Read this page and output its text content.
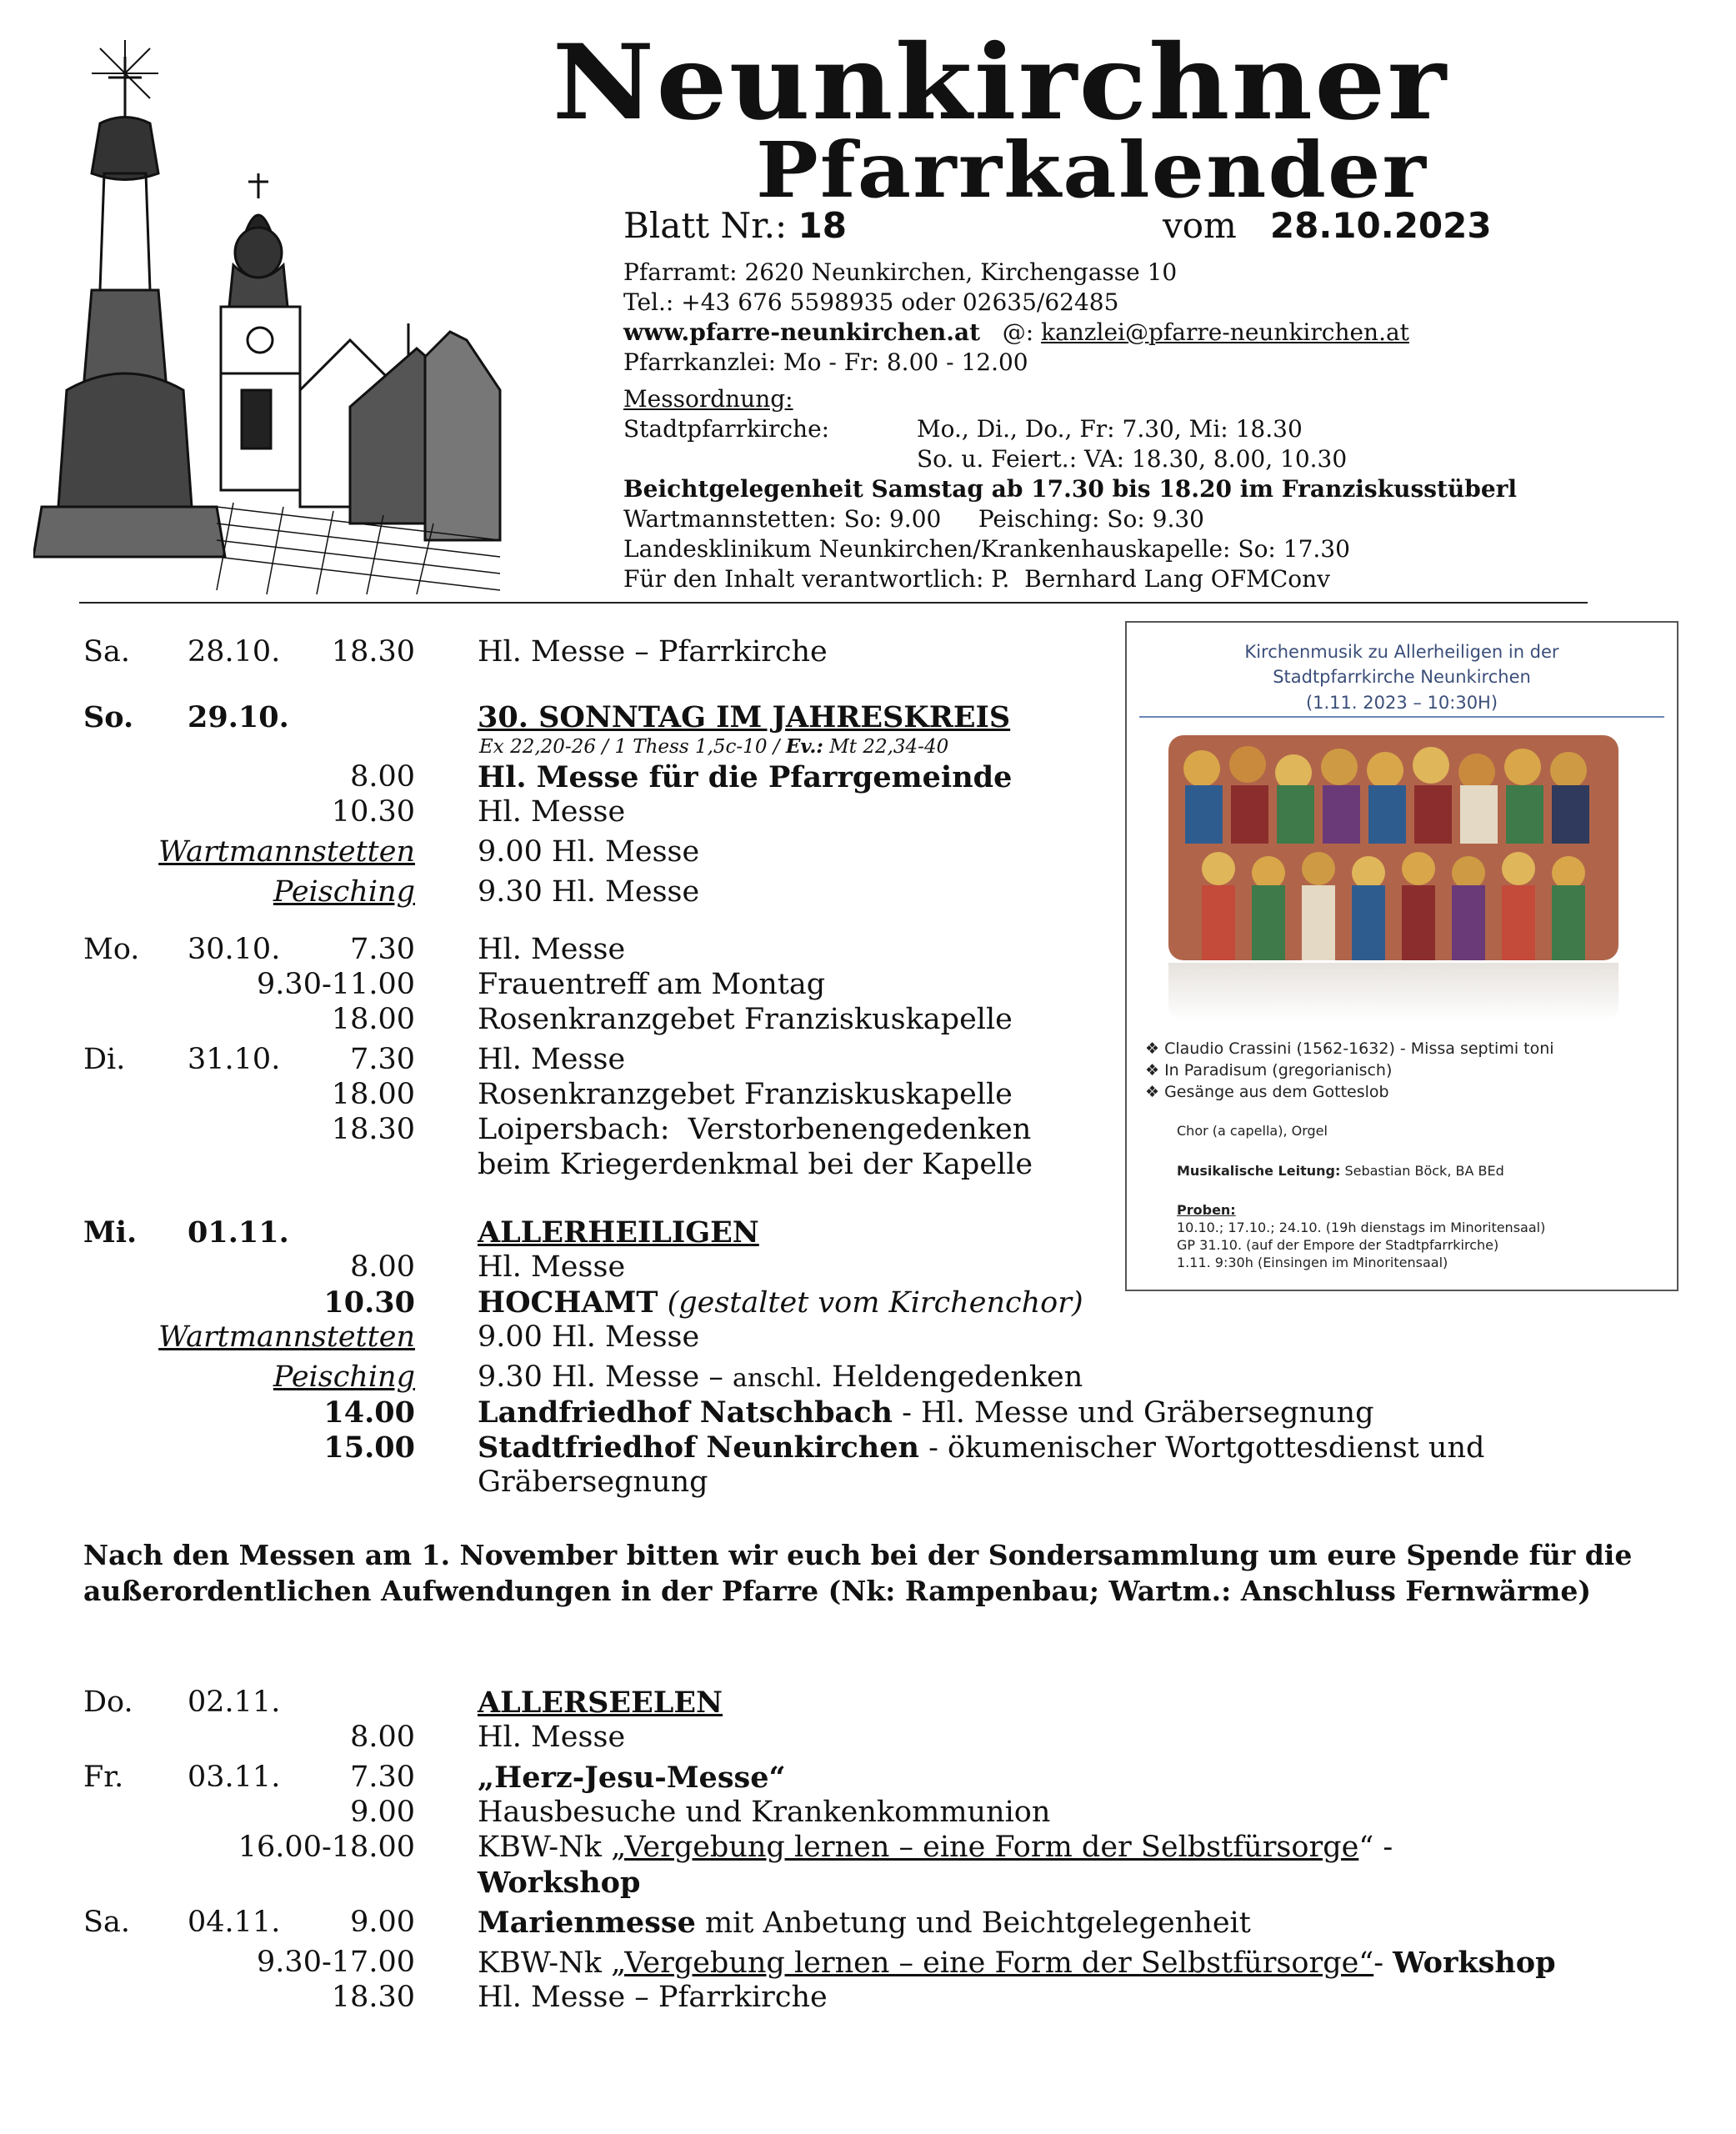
Neunkirchner
Pfarrkalender
Blatt Nr.: 18	vom 28.10.2023
Pfarramt: 2620 Neunkirchen, Kirchengasse 10
Tel.: +43 676 5598935 oder 02635/62485
www.pfarre-neunkirchen.at @: kanzlei@pfarre-neunkirchen.at
Pfarrkanzlei: Mo - Fr: 8.00 - 12.00
Messordnung:
Stadtpfarrkirche:	Mo., Di., Do., Fr: 7.30, Mi: 18.30
So. u. Feiert.: VA: 18.30, 8.00, 10.30
Beichtgelegenheit Samstag ab 17.30 bis 18.20 im Franziskusstüberl
Wartmannstetten: So: 9.00     Peisching: So: 9.30
Landesklinikum Neunkirchen/Krankenhauskapelle: So: 17.30
Für den Inhalt verantwortlich: P.  Bernhard Lang OFMConv
Sa. 28.10. 18.30 Hl. Messe – Pfarrkirche
So. 29.10.	30. SONNTAG IM JAHRESKREIS
Ex 22,20-26 / 1 Thess 1,5c-10 / Ev.: Mt 22,34-40
8.00 Hl. Messe für die Pfarrgemeinde
10.30 Hl. Messe
Wartmannstetten 9.00 Hl. Messe
Peisching 9.30 Hl. Messe
Mo. 30.10. 7.30 Hl. Messe
9.30-11.00 Frauentreff am Montag
18.00 Rosenkranzgebet Franziskuskapelle
Di. 31.10. 7.30 Hl. Messe
18.00 Rosenkranzgebet Franziskuskapelle
18.30 Loipersbach:  Verstorbenengedenken
beim Kriegerdenkmal bei der Kapelle
Mi. 01.11.	ALLERHEILIGEN
8.00 Hl. Messe
10.30 HOCHAMT (gestaltet vom Kirchenchor)
Wartmannstetten 9.00 Hl. Messe
Peisching 9.30 Hl. Messe – anschl. Heldengedenken
14.00 Landfriedhof Natschbach - Hl. Messe und Gräbersegnung
15.00 Stadtfriedhof Neunkirchen - ökumenischer Wortgottesdienst und
Gräbersegnung
Nach den Messen am 1. November bitten wir euch bei der Sondersammlung um eure Spende für die außerordentlichen Aufwendungen in der Pfarre (Nk: Rampenbau; Wartm.: Anschluss Fernwärme)
Do. 02.11.	ALLERSEELEN
8.00 Hl. Messe
Fr. 03.11. 7.30 „Herz-Jesu-Messe“
9.00 Hausbesuche und Krankenkommunion
16.00-18.00 KBW-Nk „Vergebung lernen – eine Form der Selbstfürsorge“ -
Workshop
Sa. 04.11. 9.00 Marienmesse mit Anbetung und Beichtgelegenheit
9.30-17.00 KBW-Nk „Vergebung lernen – eine Form der Selbstfürsorge“- Workshop
18.30 Hl. Messe – Pfarrkirche
Kirchenmusik zu Allerheiligen in der
Stadtpfarrkirche Neunkirchen
(1.11. 2023 – 10:30H)
❖ Claudio Crassini (1562-1632) - Missa septimi toni
❖ In Paradisum (gregorianisch)
❖ Gesänge aus dem Gotteslob
Chor (a capella), Orgel
Musikalische Leitung: Sebastian Böck, BA BEd
Proben:
10.10.; 17.10.; 24.10. (19h dienstags im Minoritensaal)
GP 31.10. (auf der Empore der Stadtpfarrkirche)
1.11. 9:30h (Einsingen im Minoritensaal)
